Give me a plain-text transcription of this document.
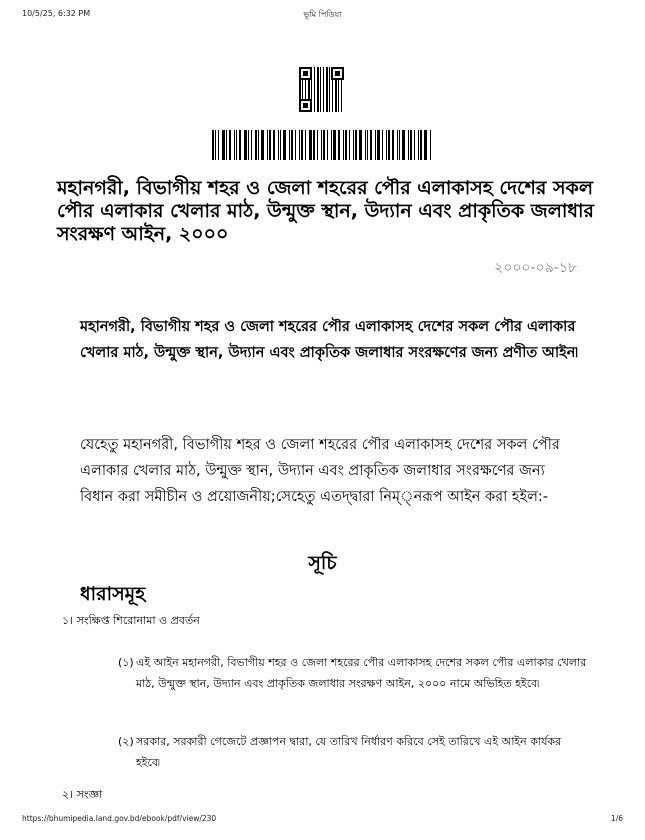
10/5/25, 6:32 PM	ভূমি পিডিয়া
মহানগরী, বিভাগীয় শহর ও জেলা শহরের পৌর এলাকাসহ দেশের সকল পৌর এলাকার খেলার মাঠ, উন্মুক্ত স্থান, উদ্যান এবং প্রাকৃতিক জলাধার সংরক্ষণ আইন, ২০০০
২০০০-০৯-১৮

মহানগরী, বিভাগীয় শহর ও জেলা শহরের পৌর এলাকাসহ দেশের সকল পৌর এলাকার খেলার মাঠ, উন্মুক্ত স্থান, উদ্যান এবং প্রাকৃতিক জলাধার সংরক্ষণের জন্য প্রণীত আইন৷

যেহেতু মহানগরী, বিভাগীয় শহর ও জেলা শহরের পৌর এলাকাসহ দেশের সকল পৌর এলাকার খেলার মাঠ, উন্মুক্ত স্থান, উদ্যান এবং প্রাকৃতিক জলাধার সংরক্ষণের জন্য বিধান করা সমীচীন ও প্রয়োজনীয়;সেহেতু এতদ্দ্বারা নিম্্নরূপ আইন করা হইল:-

সূচি
ধারাসমূহ
১। সংক্ষিপ্ত শিরোনামা ও প্রবর্তন

(১) এই আইন মহানগরী, বিভাগীয় শহর ও জেলা শহরের পৌর এলাকাসহ দেশের সকল পৌর এলাকার খেলার মাঠ, উন্মুক্ত স্থান, উদ্যান এবং প্রাকৃতিক জলাধার সংরক্ষণ আইন, ২০০০ নামে অভিহিত হইবে৷

(২) সরকার, সরকারী গেজেটে প্রজ্ঞাপন দ্বারা, যে তারিখ নির্ধারণ করিবে সেই তারিখে এই আইন কার্যকর হইবে৷

২। সংজ্ঞা
https://bhumipedia.land.gov.bd/ebook/pdf/view/230	1/6
